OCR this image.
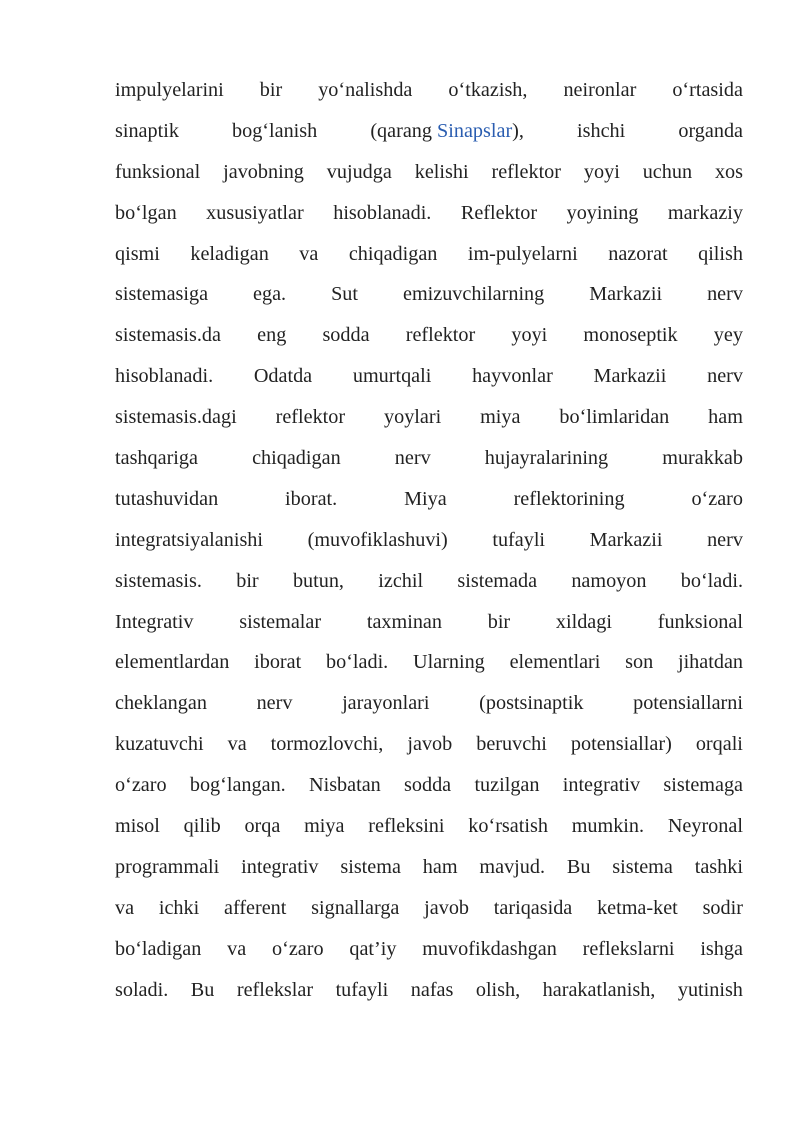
impulyelarini bir yo‘nalishda o‘tkazish, neironlar o‘rtasida
sinaptik	bog‘lanish	(qarang Sinapslar),	ishchi	organda
funksional javobning vujudga kelishi reflektor yoyi uchun xos
bo‘lgan xususiyatlar hisoblanadi. Reflektor yoyining markaziy
qismi keladigan va chiqadigan im-pulyelarni nazorat qilish
sistemasiga ega. Sut emizuvchilarning Markazii nerv
sistemasis.da eng sodda reflektor yoyi monoseptik yey
hisoblanadi. Odatda umurtqali hayvonlar Markazii nerv
sistemasis.dagi reflektor yoylari miya bo‘limlaridan ham
tashqariga	chiqadigan	nerv	hujayralarining	murakkab
tutashuvidan	iborat.	Miya	reflektorining	o‘zaro
integratsiyalanishi (muvofiklashuvi) tufayli Markazii nerv
sistemasis. bir butun, izchil sistemada namoyon bo‘ladi.
Integrativ sistemalar taxminan bir xildagi funksional
elementlardan iborat bo‘ladi. Ularning elementlari son jihatdan
cheklangan nerv jarayonlari (postsinaptik potensiallarni
kuzatuvchi va tormozlovchi, javob beruvchi potensiallar) orqali
o‘zaro bog‘langan. Nisbatan sodda tuzilgan integrativ sistemaga
misol qilib orqa miya refleksini ko‘rsatish mumkin. Neyronal
programmali integrativ sistema ham mavjud. Bu sistema tashki
va ichki afferent signallarga javob tariqasida ketma-ket sodir
bo‘ladigan va o‘zaro qat’iy muvofikdashgan reflekslarni ishga
soladi. Bu reflekslar tufayli nafas olish, harakatlanish, yutinish
